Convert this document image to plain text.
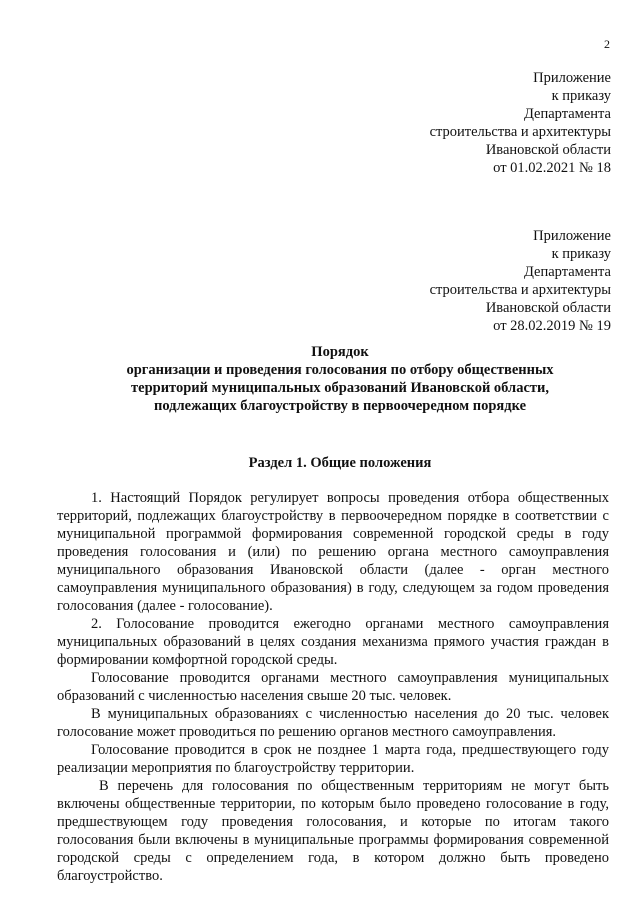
2
Приложение
к приказу
Департамента
строительства и архитектуры
Ивановской области
от 01.02.2021 № 18
Приложение
к приказу
Департамента
строительства и архитектуры
Ивановской области
от 28.02.2019 № 19
Порядок
организации и проведения голосования по отбору общественных
территорий муниципальных образований Ивановской области,
подлежащих благоустройству в первоочередном порядке
Раздел 1. Общие положения

1. Настоящий Порядок регулирует вопросы проведения отбора общественных территорий, подлежащих благоустройству в первоочередном порядке в соответствии с муниципальной программой формирования современной городской среды в году проведения голосования и (или) по решению органа местного самоуправления муниципального образования Ивановской области (далее - орган местного самоуправления муниципального образования) в году, следующем за годом проведения голосования (далее - голосование).

2. Голосование проводится ежегодно органами местного самоуправления муниципальных образований в целях создания механизма прямого участия граждан в формировании комфортной городской среды.

Голосование проводится органами местного самоуправления муниципальных образований с численностью населения свыше 20 тыс. человек.

В муниципальных образованиях с численностью населения до 20 тыс. человек голосование может проводиться по решению органов местного самоуправления.

Голосование проводится в срок не позднее 1 марта года, предшествующего году реализации мероприятия по благоустройству территории.

В перечень для голосования по общественным территориям не могут быть включены общественные территории, по которым было проведено голосование в году, предшествующем году проведения голосования, и которые по итогам такого голосования были включены в муниципальные программы формирования современной городской среды с определением года, в котором должно быть проведено благоустройство.
